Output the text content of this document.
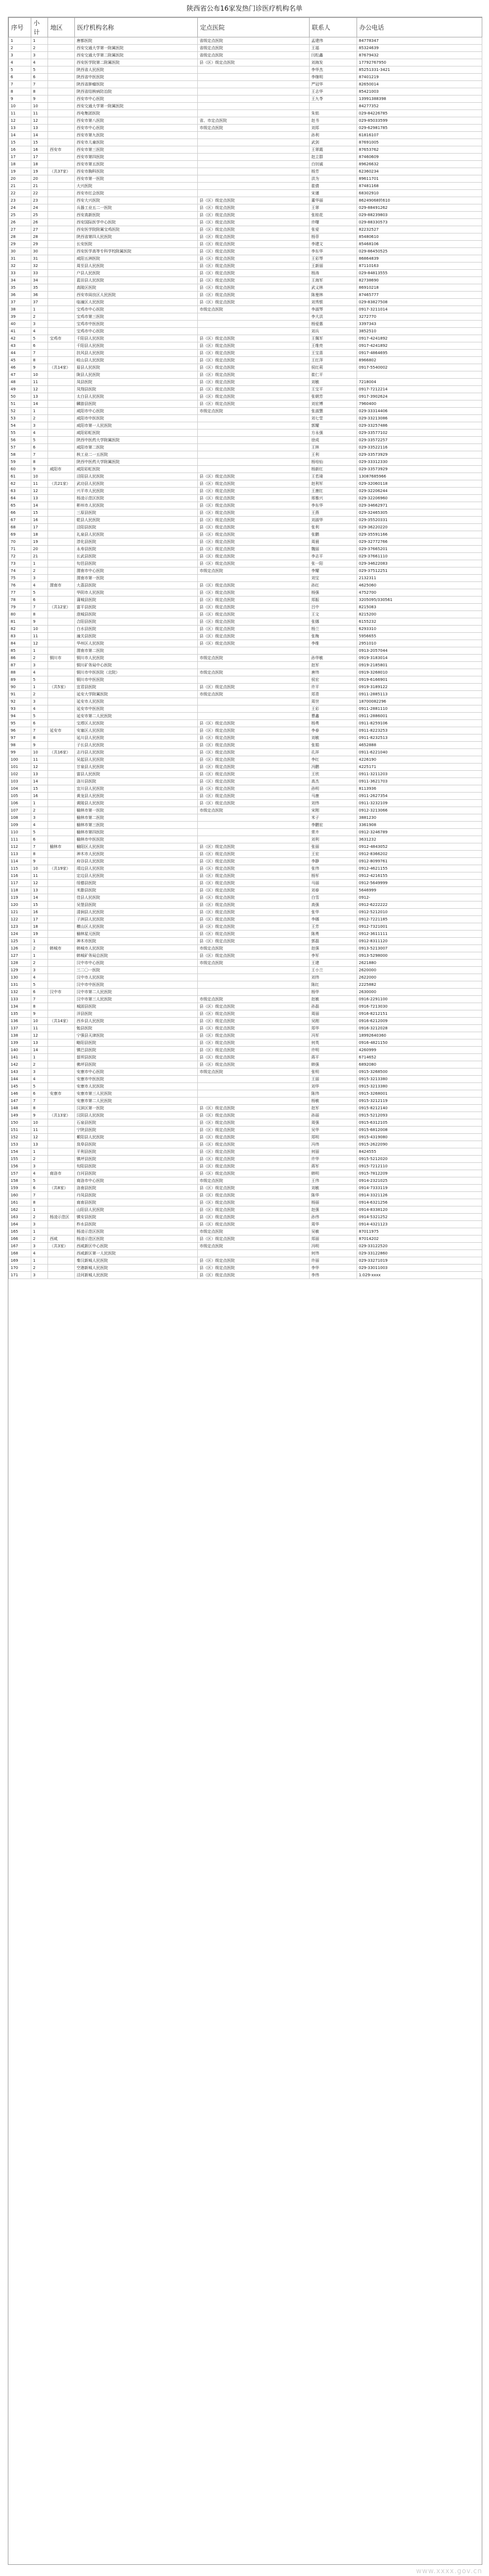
陕西省公布16家发热门诊医疗机构名单
序号	小计	地区	医疗机构名称	定点医院	联系人	办公电话
1	1		唐都医院	省级定点医院	孟建伟	84778347
2	2		西安交通大学第一附属医院	省级定点医院	王福	85324639
3	3		西安交通大学第二附属医院	省级定点医院	闫松鑫	87679432
4	4		西安医学院第二附属医院	县（区）级定点医院	刘海发	17792767950
5	5		陕西省人民医院		李华杰	85251331-3421
6	6		陕西省中医医院		李继明	87401219
7	7		陕西省肿瘤医院		严冠华	82650014
8	8		陕西省结核病防治院		王志华	85421003
9	9		西安市中心医院		王九苓	13991388398
10	10		西安交通大学第一附属医院			84277352
11	11		西电集团医院		朱铭	029-84226785
12	12		西安市第八医院	省、市定点医院	赵书	029-85033599
13	13		西安市中心医院	市级定点医院	刘郑	029-62981785
14	14		西安市第九医院		孙利	61816107
15	15		西安市儿童医院		武剑	87691005
16	16	西安市	西安市第三医院		王翠霞	87653762
17	17		西安市第四医院		赵立群	87460609
18	18		西安市第五医院		白钊诚	89626632
19	19	（共37家）	西安市胸科医院		杨芳	62360234
20	20		西安市第一医院		洪为	89611701
21	21		大兴医院		崔倩	87481168
22	22		西安市红会医院		宋谨	68302910
23	23		西安大兴医院	县（区）级定点医院	董华丽	86249068转610
24	24		兵器工业五二一医院	县（区）级定点医院	王翠	029-88491262
25	25		西安高新医院	县（区）级定点医院	张桂花	029-88239803
26	26		西安国际医学中心医院	县（区）级定点医院	许曙	029-88330573
27	27		西安医学院附属宝鸡医院	县（区）级定点医院	张爱	82232527
28	28		陕西省第四人民医院	县（区）级定点医院	杨菲	85480610
29	29		长安医院	县（区）级定点医院	李建文	85468106
30	30		西安医学高等专科学校附属医院	县（区）级定点医院	李东华	029-86450525
31	31		咸阳五洲医院	县（区）级定点医院	王彩琴	86864839
32	32		周至县人民医院	县（区）级定点医院	王新丽	87110163
33	33		户县人民医院	县（区）级定点医院	杨涛	029-84813555
34	34		蓝田县人民医院	县（区）级定点医院	王海军	82738690
35	35		高陵区医院	县（区）级定点医院	武义林	86910218
36	36		西安市阎良区人民医院	县（区）级定点医院	陈曼林	87465777
37	37		临潼区人民医院	县（区）级定点医院	刘秀银	029-83827508
38	1		宝鸡市中心医院	市级定点医院	李淑琴	0917-3211014
39	2		宝鸡市第三医院		李大洪	3272770
40	3		宝鸡市中医医院		杨爱惠	3397343
41	4		宝鸡市中心医院		刘兵	3852510
42	5	宝鸡市	千阳县人民医院	县（区）级定点医院	王佩军	0917-4241892
43	6		千阳县人民医院	县（区）级定点医院	王维亮	0917-4241892
44	7		扶风县人民医院	县（区）级定点医院	王宝喜	0917-4864695
45	8		岐山县人民医院	县（区）级定点医院	王红萍	8966802
46	9	（共14家）	眉县人民医院	县（区）级定点医院	侯红莉	0917-5540002
47	10		陇县人民医院	县（区）级定点医院	崔仁平	
48	11		凤县医院	县（区）级定点医院	刘敏	7218004
49	12		凤翔县医院	县（区）级定点医院	王宝平	0917-7212214
50	13		太白县人民医院	县（区）级定点医院	张朝芳	0917-3902624
51	14		麟游县医院	县（区）级定点医院	刘宏博	7960400
52	1		咸阳市中心医院	市级定点医院	张淑慧	029-33314406
53	2		咸阳市中医医院		刘七堂	029-33213086
54	3		咸阳市第一人民医院		郭耀	029-33257486
55	4		咸阳彩虹医院		方永强	029-33577102
56	5		陕西中医药大学附属医院		徐成	029-33572257
57	6		咸阳市第二医院		王林	029-33522116
58	7		核工业二一五医院		王利	029-33573929
59	8		陕西中医药大学附属医院		杨培仙	029-33312330
60	9	咸阳市	咸阳彩虹医院		杨新红	029-33573929
61	10		泾阳县人民医院	县（区）级定点医院	王若琦	13087685966
62	11	（共21家）	武功县人民医院	县（区）级定点医院	赵利军	029-32060118
63	12		兴平市人民医院	县（区）级定点医院	王康红	029-32206244
64	13		杨凌示范区医院	县（区）级定点医院	邢雅兴	029-32206960
65	14		彬州市人民医院	县（区）级定点医院	李东华	029-34662971
66	15		三原县医院	县（区）级定点医院	王燕	029-32465305
67	16		乾县人民医院	县（区）级定点医院	刘淑华	029-35520331
68	17		泾阳县医院	县（区）级定点医院	张利	029-36220220
69	18		礼泉县人民医院	县（区）级定点医院	张鹏	029-35591166
70	19		淳化县医院	县（区）级定点医院	周晨	029-32772766
71	20		永寿县医院	县（区）级定点医院	魏丽	029-37665201
72	21		长武县医院	县（区）级定点医院	李志平	029-37661110
73	1		旬邑县医院	县（区）级定点医院	张一阳	029-34622083
74	2		渭南市中心医院	市级定点医院	李耀	029-37512251
75	3		渭南市第一医院		刘宝	2132311
76	4	渭南市	大荔县医院	县（区）级定点医院	孙红	4625060
77	5		华阴市人民医院	县（区）级定点医院	杨强	4752700
78	6		蒲城县医院	县（区）级定点医院	郑振	3205095/330561
79	7	（共12家）	富平县医院	县（区）级定点医院	吕中	8215083
80	8		澄城县医院	县（区）级定点医院	王文	8215200
81	9		合阳县医院	县（区）级定点医院	张娜	6155232
82	10		白水县医院	县（区）级定点医院	杨兰	6293310
83	11		潼关县医院	县（区）级定点医院	张梅	5956655
84	12		华州区人民医院	县（区）级定点医院	李维	2951010
85	1		渭南市第二医院			0913-2057044
86	2	铜川市	铜川市人民医院	市级定点医院	孙华敏	0919-3183014
87	3		铜川矿务局中心医院		赵军	0919-2185801
88	4		铜川市中医医院（北院）	市级定点医院	唐伟	0919-3268010
89	5		铜川市中医医院		侯宏	0919-6166901
90	1	（共5家）	宜君县医院	县（区）级定点医院	许平	0919-3189122
91	2		延安大学附属医院	市级定点医院	郑青	0911-2885113
92	3		延安市人民医院		周世	18700082296
93	4		延安市中医医院		王彩	0911-2881110
94	5		延安市第二人民医院		曹鑫	0911-2886001
95	6		宝塔区人民医院	县（区）级定点医院	杨勇	0911-8259106
96	7	延安市	安塞区人民医院	县（区）级定点医院	李春	0911-8223253
97	8		延川县人民医院	县（区）级定点医院	刘敏	0911-8232513
98	9		子长县人民医院	县（区）级定点医院	张娟	4652888
99	10	（共16家）	志丹县人民医院	县（区）级定点医院	孔祥	0911-6221040
100	11		吴起县人民医院	县（区）级定点医院	李红	4226190
101	12		甘泉县人民医院	县（区）级定点医院	冯鹏	4225171
102	13		富县人民医院	县（区）级定点医院	王欣	0911-3211203
103	14		洛川县医院	县（区）级定点医院	高杰	0911-3621703
104	15		宜川县人民医院	县（区）级定点医院	孙明	8113936
105	16		黄龙县人民医院	县（区）级定点医院	马康	0911-2627354
106	1		黄陵县人民医院	县（区）级定点医院	刘伟	0911-3232109
107	2		榆林市第一医院	市级定点医院	宋刚	0912-3213066
108	3		榆林市第二医院		米子	3881230
109	4		榆林市第三医院		李鹏宏	3361908
110	5		榆林市第四医院		常卉	0912-3246789
111	6		榆林市中医医院		刘利	3631232
112	7	榆林市	榆阳区人民医院	县（区）级定点医院	张丽	0912-4843052
113	8		神木市人民医院	县（区）级定点医院	王宏	0912-8366202
114	9		府谷县人民医院	县（区）级定点医院	李静	0912-8099761
115	10	（共19家）	靖边县人民医院	县（区）级定点医院	张伟	0912-4621155
116	11		定边县人民医院	县（区）级定点医院	杨军	0912-4216155
117	12		绥德县医院	县（区）级定点医院	马丽	0912-5649999
118	13		米脂县医院	县（区）级定点医院	刘春	5646999
119	14		佳县人民医院	县（区）级定点医院	白雪	0912-
120	15		吴堡县医院	县（区）级定点医院	高强	0912-6222222
121	16		清涧县人民医院	县（区）级定点医院	张华	0912-5212010
122	17		子洲县人民医院	县（区）级定点医院	李娜	0912-7221185
123	18		横山区人民医院	县（区）级定点医院	王芳	0912-7321001
124	19		榆林星元医院	县（区）级定点医院	陈勇	0912-3611111
125	1		神木市医院	县（区）级定点医院	郭磊	0912-8311120
126	2	韩城市	韩城市人民医院	市级定点医院	赵强	0913-5213007
127	1		韩城矿务局总医院	县（区）级定点医院	李军	0913-5298000
128	2		汉中市中心医院	市级定点医院	王建	2621880
129	3		三二〇一医院		王小兰	2620000
130	4		汉中市人民医院		刘伟	2622000
131	5		汉中市中医医院		陈红	2225882
132	6	汉中市	汉中市第二人民医院		杨华	2630000
133	7		汉中市第三人民医院	市级定点医院	赵敏	0916-2291100
134	8		城固县医院	县（区）级定点医院	孙磊	0916-7213030
135	9		洋县医院	县（区）级定点医院	周丽	0916-8212151
136	10	（共14家）	西乡县人民医院	县（区）级定点医院	吴刚	0916-6212009
137	11		勉县医院	县（区）级定点医院	郑华	0916-3212028
138	12		宁强县天津医院	县（区）级定点医院	冯军	18992640360
139	13		略阳县医院	县（区）级定点医院	何英	0916-4821150
140	14		镇巴县医院	县（区）级定点医院	许明	4260999
141	1		留坝县医院	县（区）级定点医院	蒋平	6714652
142	2		佛坪县医院	县（区）级定点医院	韩强	6892080
143	3		安康市中心医院	市级定点医院	张明	0915-3268500
144	4		安康市中医医院		王丽	0915-3213380
145	5		安康市人民医院		刘华	0915-3213380
146	6	安康市	安康市第三人民医院		陈伟	0915-3268001
147	7		安康市第二人民医院		杨敏	0915-3212119
148	8		汉滨区第一医院	县（区）级定点医院	赵军	0915-8212140
149	9	（共13家）	汉阴县人民医院	县（区）级定点医院	孙丽	0915-5212093
150	10		石泉县医院	县（区）级定点医院	周强	0915-6312105
151	11		宁陕县医院	县（区）级定点医院	吴华	0915-6812008
152	12		紫阳县人民医院	县（区）级定点医院	郑明	0915-4319080
153	13		岚皋县医院	县（区）级定点医院	冯伟	0915-2622090
154	1		平利县医院	县（区）级定点医院	何丽	8424555
155	2		镇坪县医院	县（区）级定点医院	许华	0915-5212020
156	3		旬阳县医院	县（区）级定点医院	蒋军	0915-7212110
157	4	商洛市	白河县医院	县（区）级定点医院	韩明	0915-7812209
158	5		商洛市中心医院	市级定点医院	王伟	0914-2321025
159	6	（共8家）	洛南县医院	县（区）级定点医院	刘敏	0914-7333119
160	7		丹凤县医院	县（区）级定点医院	陈华	0914-3321126
161	8		商南县医院	县（区）级定点医院	杨丽	0914-6321256
162	1		山阳县人民医院	县（区）级定点医院	赵强	0914-8338120
163	2	杨凌示范区	镇安县医院	县（区）级定点医院	孙伟	0914-5321252
164	3		柞水县医院	县（区）级定点医院	周华	0914-4321123
165	1		杨凌示范区医院	市级定点医院	吴敏	87011975
166	2	西咸	杨凌示范区医院	县（区）级定点医院	郑丽	87014202
167	3	（共3家）	西咸新区中心医院	市级定点医院	冯明	029-33122520
168	4		西咸新区第一人民医院		何伟	029-33122860
169	1		秦汉新城人民医院	县（区）级定点医院	许丽	029-33271019
170	2		空港新城人民医院	县（区）级定点医院	李华	029-33011003
171	3		泾河新城人民医院	县（区）级定点医院	李伟	1.029-xxxx
www.xxxx.gov.cn
